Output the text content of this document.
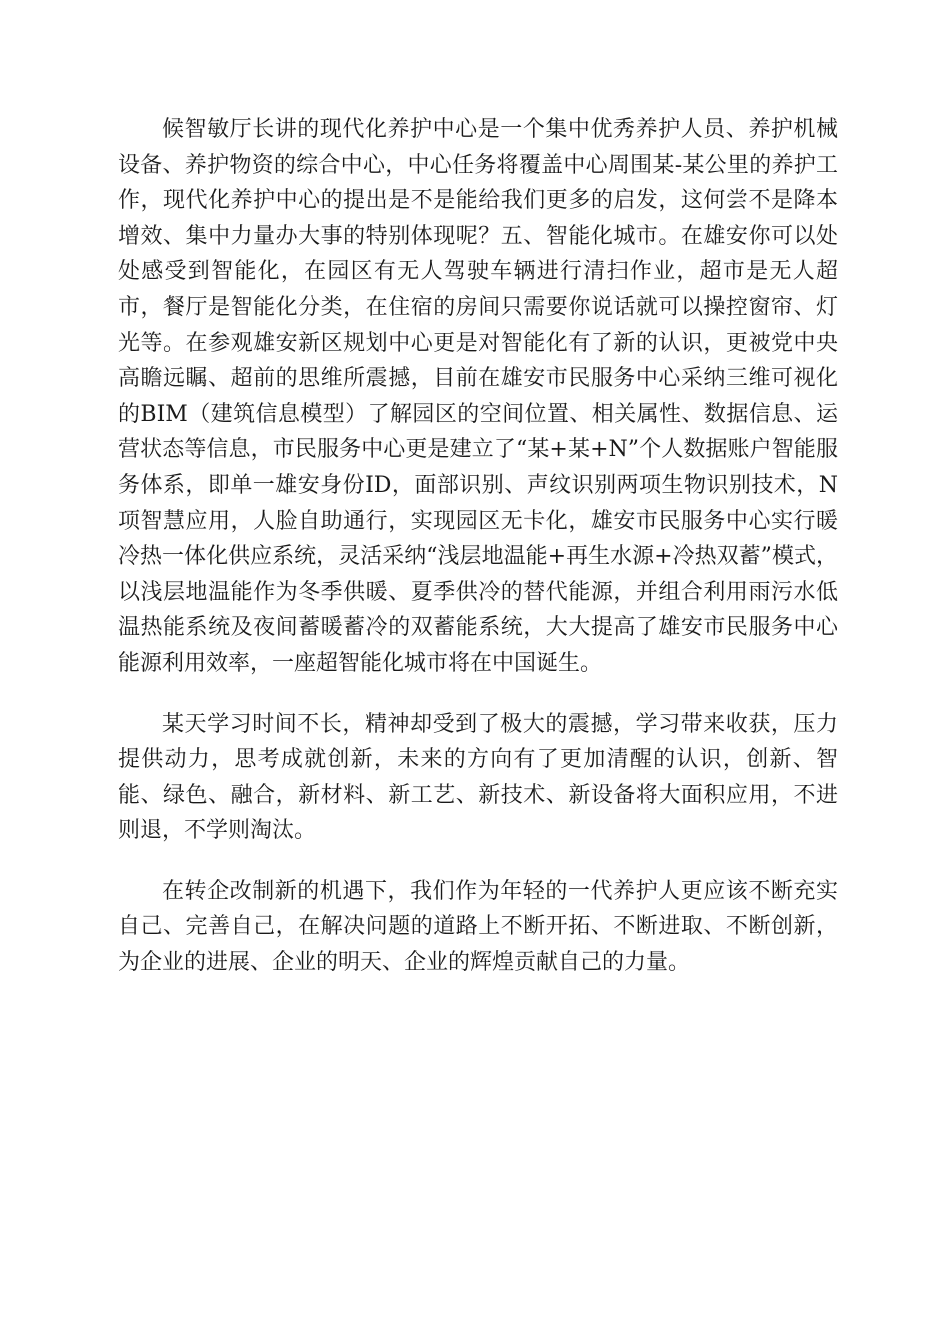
候智敏厅长讲的现代化养护中心是一个集中优秀养护人员、养护机械设备、养护物资的综合中心，中心任务将覆盖中心周围某-某公里的养护工作，现代化养护中心的提出是不是能给我们更多的启发，这何尝不是降本增效、集中力量办大事的特别体现呢？五、智能化城市。在雄安你可以处处感受到智能化，在园区有无人驾驶车辆进行清扫作业，超市是无人超市，餐厅是智能化分类，在住宿的房间只需要你说话就可以操控窗帘、灯光等。在参观雄安新区规划中心更是对智能化有了新的认识，更被党中央高瞻远瞩、超前的思维所震撼，目前在雄安市民服务中心采纳三维可视化的BIM（建筑信息模型）了解园区的空间位置、相关属性、数据信息、运营状态等信息，市民服务中心更是建立了“某+某+N”个人数据账户智能服务体系，即单一雄安身份ID，面部识别、声纹识别两项生物识别技术，N项智慧应用，人脸自助通行，实现园区无卡化，雄安市民服务中心实行暖冷热一体化供应系统，灵活采纳“浅层地温能+再生水源+冷热双蓄”模式，以浅层地温能作为冬季供暖、夏季供冷的替代能源，并组合利用雨污水低温热能系统及夜间蓄暖蓄冷的双蓄能系统，大大提高了雄安市民服务中心能源利用效率，一座超智能化城市将在中国诞生。

某天学习时间不长，精神却受到了极大的震撼，学习带来收获，压力提供动力，思考成就创新，未来的方向有了更加清醒的认识，创新、智能、绿色、融合，新材料、新工艺、新技术、新设备将大面积应用，不进则退，不学则淘汰。

在转企改制新的机遇下，我们作为年轻的一代养护人更应该不断充实自己、完善自己，在解决问题的道路上不断开拓、不断进取、不断创新，为企业的进展、企业的明天、企业的辉煌贡献自己的力量。
